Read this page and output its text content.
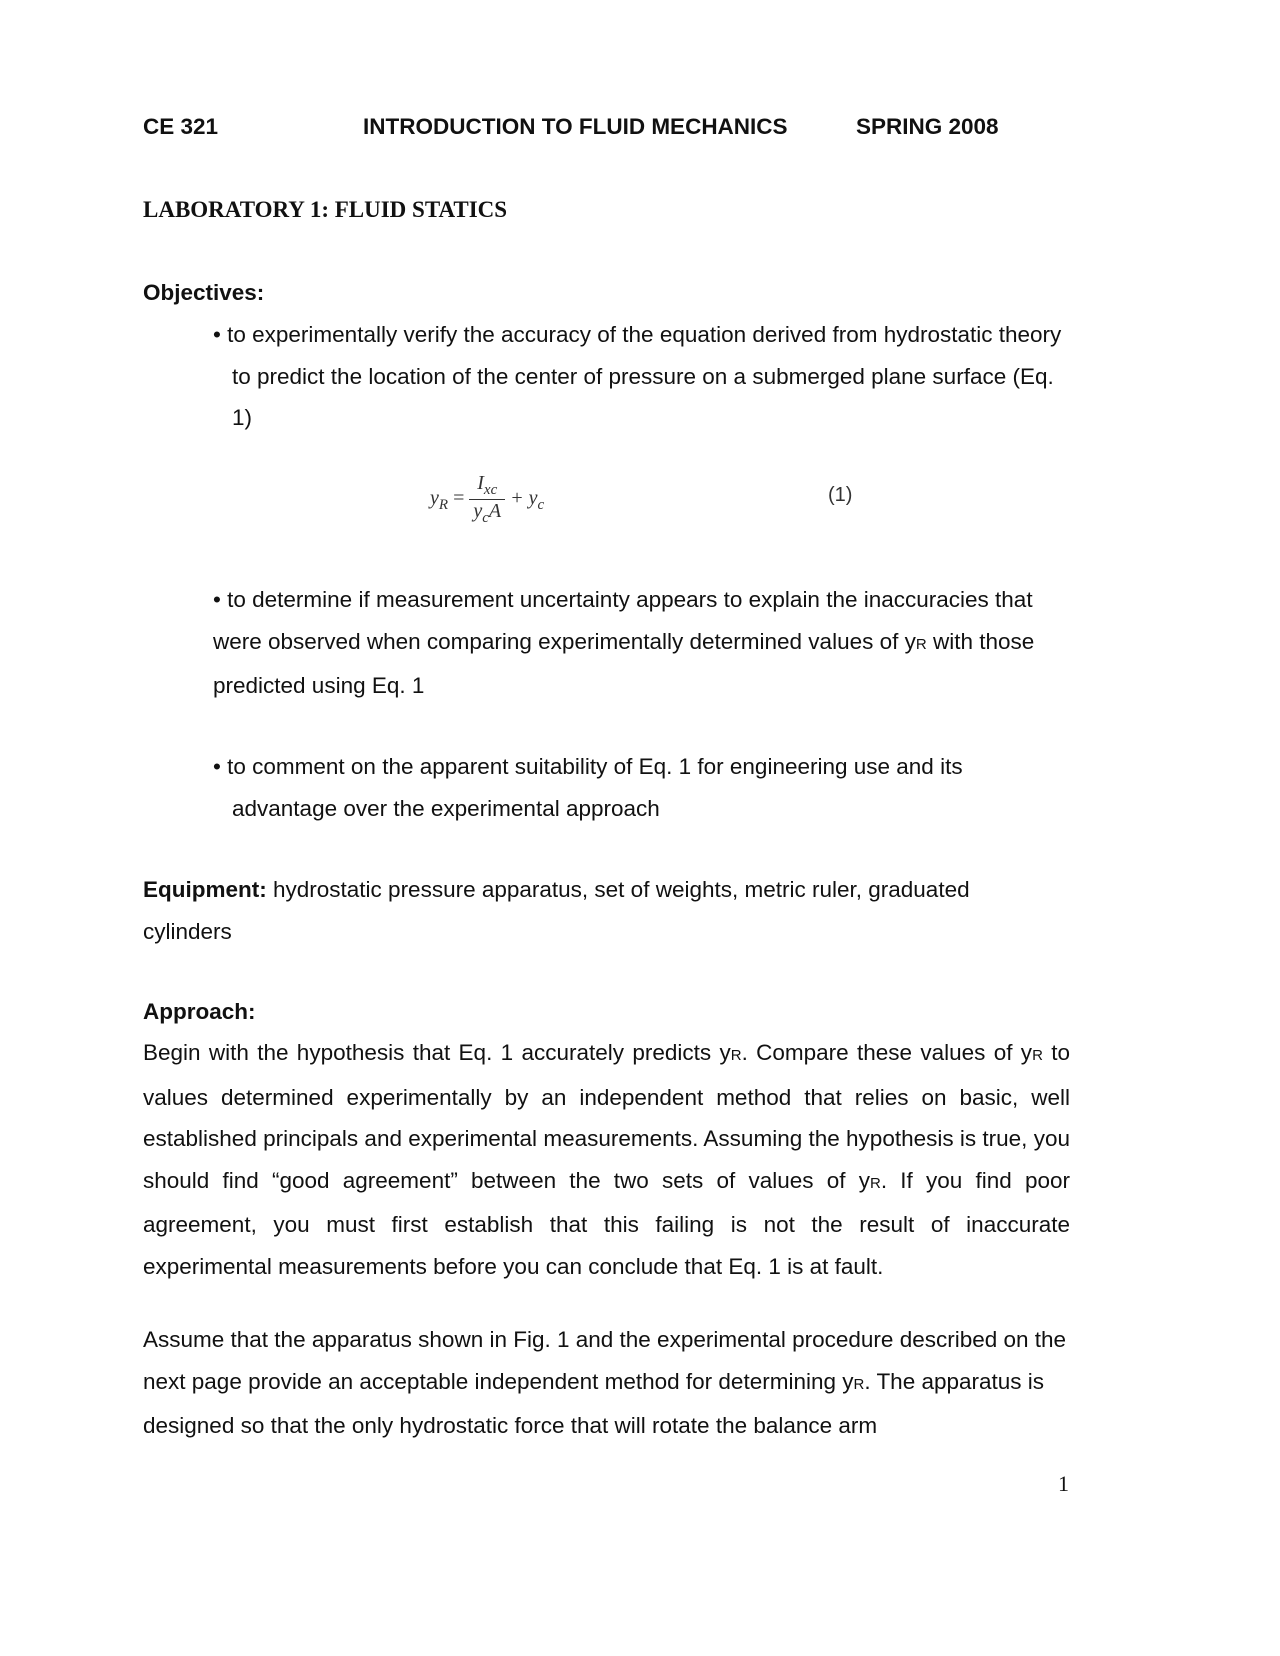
CE 321	INTRODUCTION TO FLUID MECHANICS	SPRING 2008
LABORATORY 1: FLUID STATICS
Objectives:
• to experimentally verify the accuracy of the equation derived from hydrostatic theory to predict the location of the center of pressure on a submerged plane surface (Eq. 1)
$y_R = \frac{I_{xc}}{y_cA} + y_c$	(1)
• to determine if measurement uncertainty appears to explain the inaccuracies that were observed when comparing experimentally determined values of yR with those predicted using Eq. 1
• to comment on the apparent suitability of Eq. 1 for engineering use and its advantage over the experimental approach
Equipment: hydrostatic pressure apparatus, set of weights, metric ruler, graduated cylinders
Approach:
Begin with the hypothesis that Eq. 1 accurately predicts yR. Compare these values of yR to values determined experimentally by an independent method that relies on basic, well established principals and experimental measurements. Assuming the hypothesis is true, you should find “good agreement” between the two sets of values of yR. If you find poor agreement, you must first establish that this failing is not the result of inaccurate experimental measurements before you can conclude that Eq. 1 is at fault.
Assume that the apparatus shown in Fig. 1 and the experimental procedure described on the next page provide an acceptable independent method for determining yR. The apparatus is designed so that the only hydrostatic force that will rotate the balance arm
1
